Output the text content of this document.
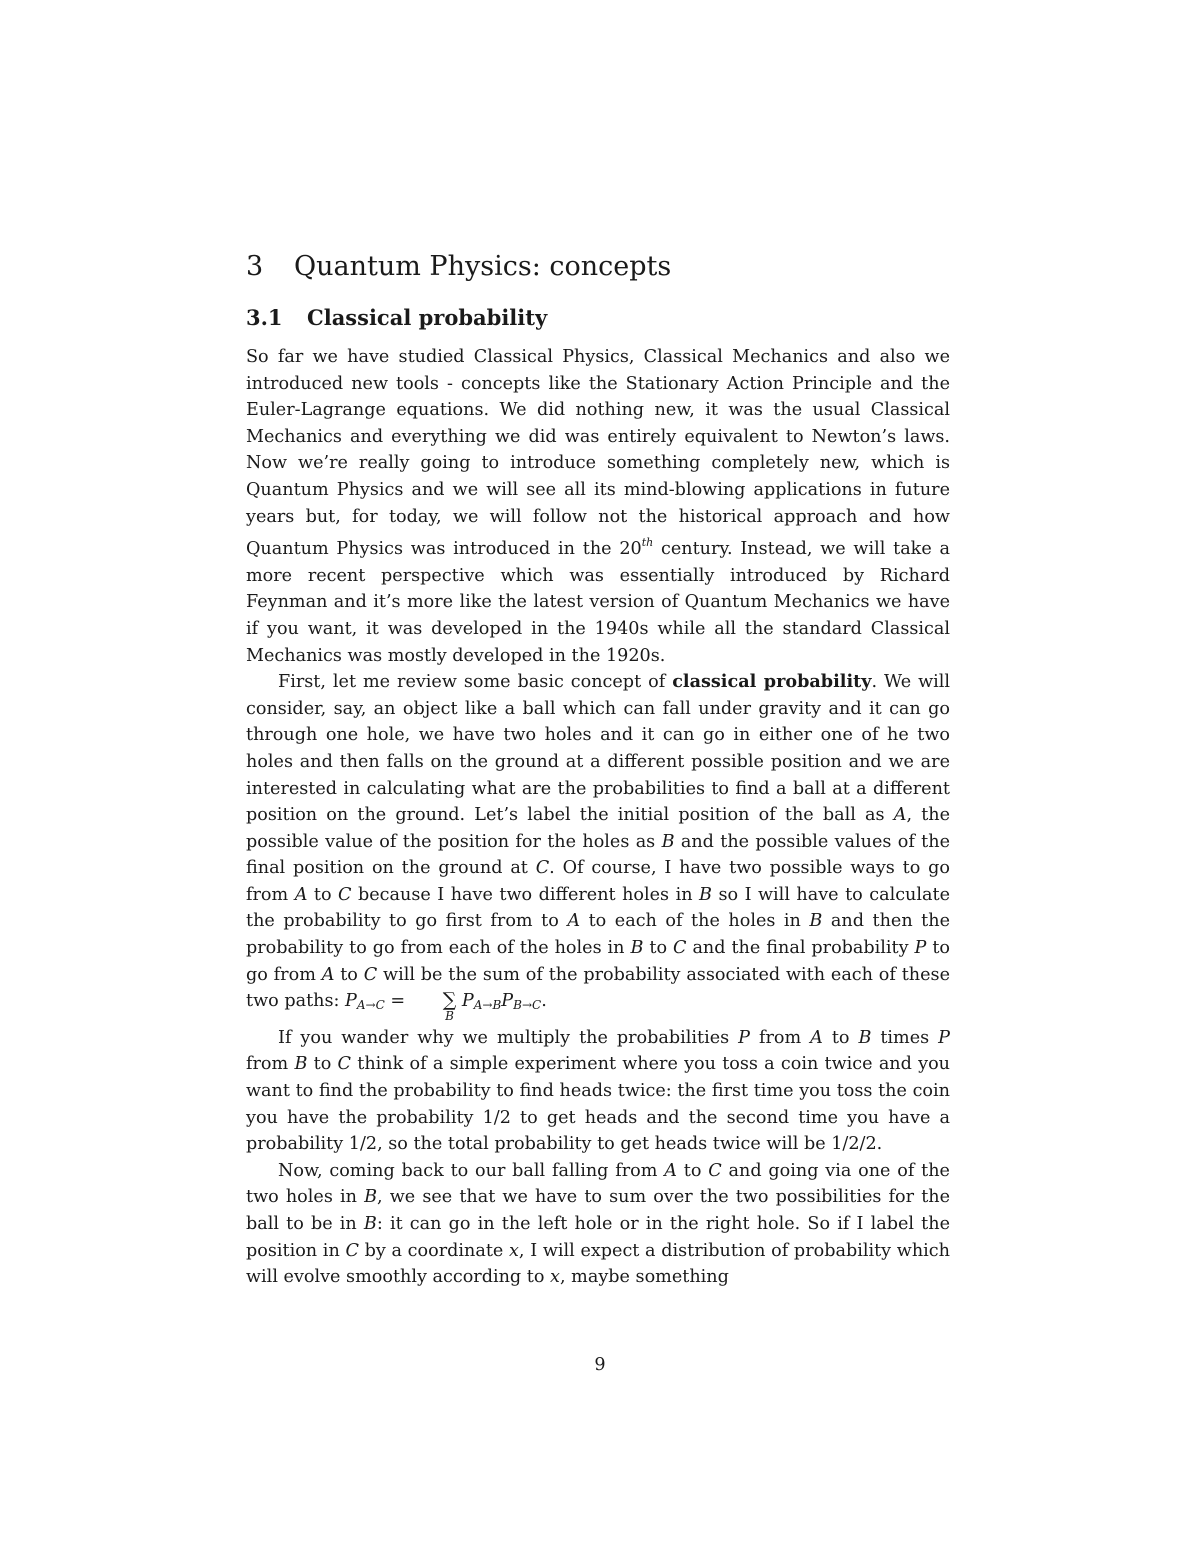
3 Quantum Physics: concepts
3.1 Classical probability

So far we have studied Classical Physics, Classical Mechanics and also we introduced new tools - concepts like the Stationary Action Principle and the Euler-Lagrange equations. We did nothing new, it was the usual Classical Mechanics and everything we did was entirely equivalent to Newton’s laws. Now we’re really going to introduce something completely new, which is Quantum Physics and we will see all its mind-blowing applications in future years but, for today, we will follow not the historical approach and how Quantum Physics was introduced in the 20th century. Instead, we will take a more recent perspective which was essentially introduced by Richard Feynman and it’s more like the latest version of Quantum Mechanics we have if you want, it was developed in the 1940s while all the standard Classical Mechanics was mostly developed in the 1920s.

First, let me review some basic concept of classical probability. We will consider, say, an object like a ball which can fall under gravity and it can go through one hole, we have two holes and it can go in either one of he two holes and then falls on the ground at a different possible position and we are interested in calculating what are the probabilities to find a ball at a different position on the ground. Let’s label the initial position of the ball as A, the possible value of the position for the holes as B and the possible values of the final position on the ground at C. Of course, I have two possible ways to go from A to C because I have two different holes in B so I will have to calculate the probability to go first from to A to each of the holes in B and then the probability to go from each of the holes in B to C and the final probability P to go from A to C will be the sum of the probability associated with each of these two paths: $P_{A\to C}$ = ∑
B
$P_{A\to B}P_{B\to C}$.

If you wander why we multiply the probabilities P from A to B times P from B to C think of a simple experiment where you toss a coin twice and you want to find the probability to find heads twice: the first time you toss the coin you have the probability 1/2 to get heads and the second time you have a probability 1/2, so the total probability to get heads twice will be 1/2/2.

Now, coming back to our ball falling from A to C and going via one of the two holes in B, we see that we have to sum over the two possibilities for the ball to be in B: it can go in the left hole or in the right hole. So if I label the position in C by a coordinate x, I will expect a distribution of probability which will evolve smoothly according to x, maybe something

9
